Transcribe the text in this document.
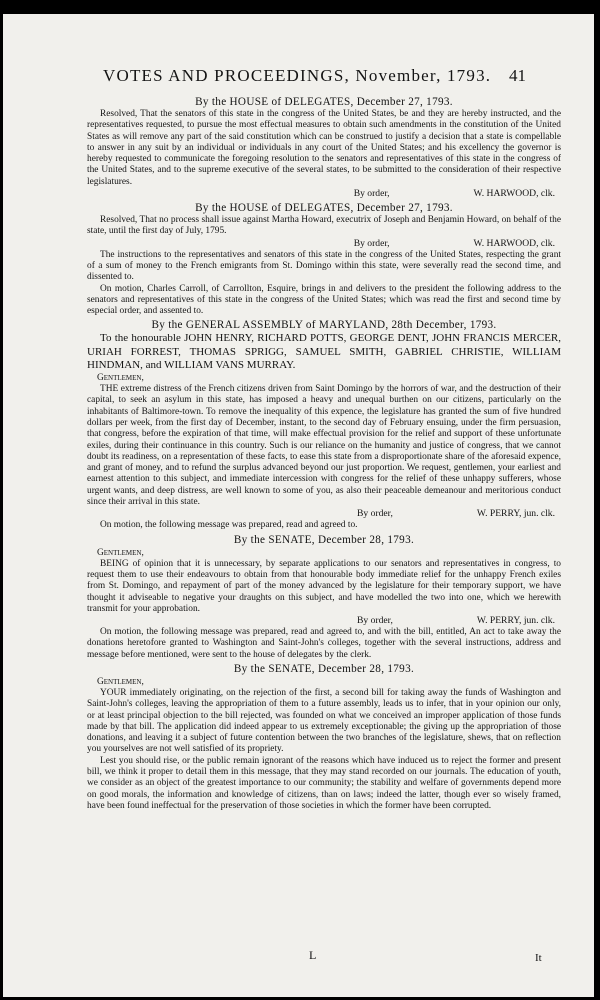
VOTES AND PROCEEDINGS, November, 1793. 41
By the HOUSE of DELEGATES, December 27, 1793.

Resolved, That the senators of this state in the congress of the United States, be and they are hereby instructed, and the representatives requested, to pursue the most effectual measures to obtain such amendments in the constitution of the United States as will remove any part of the said constitution which can be construed to justify a decision that a state is compellable to answer in any suit by an individual or individuals in any court of the United States; and his excellency the governor is hereby requested to communicate the foregoing resolution to the senators and representatives of this state in the congress of the United States, and to the supreme executive of the several states, to be submitted to the consideration of their respective legislatures.

By order,	W. HARWOOD, clk.
By the HOUSE of DELEGATES, December 27, 1793.

Resolved, That no process shall issue against Martha Howard, executrix of Joseph and Benjamin Howard, on behalf of the state, until the first day of July, 1795.

By order,	W. HARWOOD, clk.

The instructions to the representatives and senators of this state in the congress of the United States, respecting the grant of a sum of money to the French emigrants from St. Domingo within this state, were severally read the second time, and dissented to.

On motion, Charles Carroll, of Carrollton, Esquire, brings in and delivers to the president the following address to the senators and representatives of this state in the congress of the United States; which was read the first and second time by especial order, and assented to.

By the GENERAL ASSEMBLY of MARYLAND, 28th December, 1793.

To the honourable JOHN HENRY, RICHARD POTTS, GEORGE DENT, JOHN FRANCIS MERCER, URIAH FORREST, THOMAS SPRIGG, SAMUEL SMITH, GABRIEL CHRISTIE, WILLIAM HINDMAN, and WILLIAM VANS MURRAY.

Gentlemen,

THE extreme distress of the French citizens driven from Saint Domingo by the horrors of war, and the destruction of their capital, to seek an asylum in this state, has imposed a heavy and unequal burthen on our citizens, particularly on the inhabitants of Baltimore-town. To remove the inequality of this expence, the legislature has granted the sum of five hundred dollars per week, from the first day of December, instant, to the second day of February ensuing, under the firm persuasion, that congress, before the expiration of that time, will make effectual provision for the relief and support of these unfortunate exiles, during their continuance in this country. Such is our reliance on the humanity and justice of congress, that we cannot doubt its readiness, on a representation of these facts, to ease this state from a disproportionate share of the aforesaid expence, and grant of money, and to refund the surplus advanced beyond our just proportion. We request, gentlemen, your earliest and earnest attention to this subject, and immediate intercession with congress for the relief of these unhappy sufferers, whose urgent wants, and deep distress, are well known to some of you, as also their peaceable demeanour and meritorious conduct since their arrival in this state.

By order,	W. PERRY, jun. clk.

On motion, the following message was prepared, read and agreed to.

By the SENATE, December 28, 1793.
Gentlemen,

BEING of opinion that it is unnecessary, by separate applications to our senators and representatives in congress, to request them to use their endeavours to obtain from that honourable body immediate relief for the unhappy French exiles from St. Domingo, and repayment of part of the money advanced by the legislature for their temporary support, we have thought it adviseable to negative your draughts on this subject, and have modelled the two into one, which we herewith transmit for your approbation.

By order,	W. PERRY, jun. clk.

On motion, the following message was prepared, read and agreed to, and with the bill, entitled, An act to take away the donations heretofore granted to Washington and Saint-John's colleges, together with the several instructions, address and message before mentioned, were sent to the house of delegates by the clerk.

By the SENATE, December 28, 1793.
Gentlemen,

YOUR immediately originating, on the rejection of the first, a second bill for taking away the funds of Washington and Saint-John's colleges, leaving the appropriation of them to a future assembly, leads us to infer, that in your opinion our only, or at least principal objection to the bill rejected, was founded on what we conceived an improper application of those funds made by that bill. The application did indeed appear to us extremely exceptionable; the giving up the appropriation of those donations, and leaving it a subject of future contention between the two branches of the legislature, shews, that on reflection you yourselves are not well satisfied of its propriety.

Lest you should rise, or the public remain ignorant of the reasons which have induced us to reject the former and present bill, we think it proper to detail them in this message, that they may stand recorded on our journals. The education of youth, we consider as an object of the greatest importance to our community; the stability and welfare of governments depend more on good morals, the information and knowledge of citizens, than on laws; indeed the latter, though ever so wisely framed, have been found ineffectual for the preservation of those societies in which the former have been corrupted.

L	It
